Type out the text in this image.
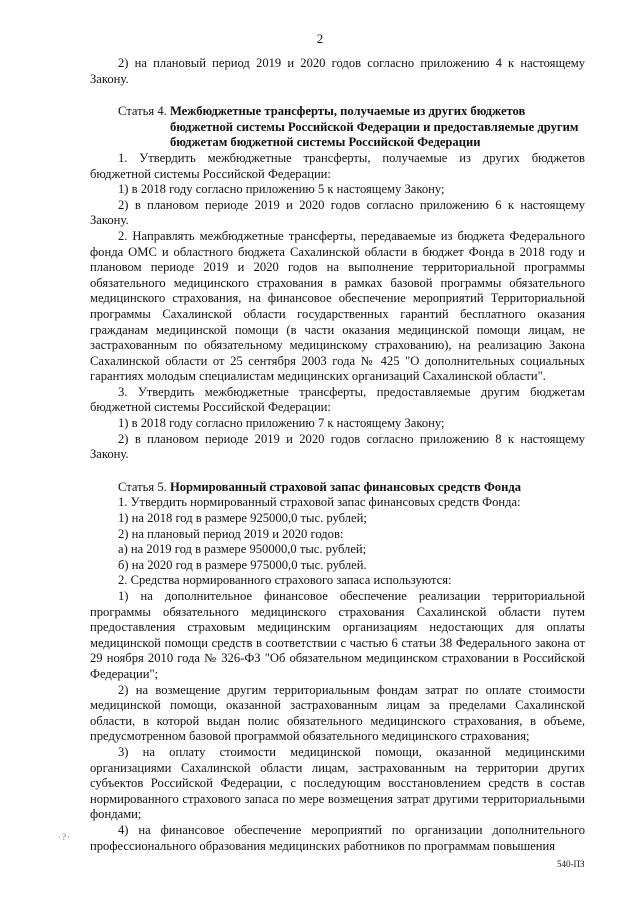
2

2) на плановый период 2019 и 2020 годов согласно приложению 4 к настоящему Закону.

Статья 4. Межбюджетные трансферты, получаемые из других бюджетов бюджетной системы Российской Федерации и предоставляемые другим бюджетам бюджетной системы Российской Федерации

1. Утвердить межбюджетные трансферты, получаемые из других бюджетов бюджетной системы Российской Федерации:

1) в 2018 году согласно приложению 5 к настоящему Закону;

2) в плановом периоде 2019 и 2020 годов согласно приложению 6 к настоящему Закону.

2. Направлять межбюджетные трансферты, передаваемые из бюджета Федерального фонда ОМС и областного бюджета Сахалинской области в бюджет Фонда в 2018 году и плановом периоде 2019 и 2020 годов на выполнение территориальной программы обязательного медицинского страхования в рамках базовой программы обязательного медицинского страхования, на финансовое обеспечение мероприятий Территориальной программы Сахалинской области государственных гарантий бесплатного оказания гражданам медицинской помощи (в части оказания медицинской помощи лицам, не застрахованным по обязательному медицинскому страхованию), на реализацию Закона Сахалинской области от 25 сентября 2003 года № 425 "О дополнительных социальных гарантиях молодым специалистам медицинских организаций Сахалинской области".

3. Утвердить межбюджетные трансферты, предоставляемые другим бюджетам бюджетной системы Российской Федерации:

1) в 2018 году согласно приложению 7 к настоящему Закону;

2) в плановом периоде 2019 и 2020 годов согласно приложению 8 к настоящему Закону.

Статья 5. Нормированный страховой запас финансовых средств Фонда

1. Утвердить нормированный страховой запас финансовых средств Фонда:

1) на 2018 год в размере 925000,0 тыс. рублей;

2) на плановый период 2019 и 2020 годов:

а) на 2019 год в размере 950000,0 тыс. рублей;

б) на 2020 год в размере 975000,0 тыс. рублей.

2. Средства нормированного страхового запаса используются:

1) на дополнительное финансовое обеспечение реализации территориальной программы обязательного медицинского страхования Сахалинской области путем предоставления страховым медицинским организациям недостающих для оплаты медицинской помощи средств в соответствии с частью 6 статьи 38 Федерального закона от 29 ноября 2010 года № 326-ФЗ "Об обязательном медицинском страховании в Российской Федерации";

2) на возмещение другим территориальным фондам затрат по оплате стоимости медицинской помощи, оказанной застрахованным лицам за пределами Сахалинской области, в которой выдан полис обязательного медицинского страхования, в объеме, предусмотренном базовой программой обязательного медицинского страхования;

3) на оплату стоимости медицинской помощи, оказанной медицинскими организациями Сахалинской области лицам, застрахованным на территории других субъектов Российской Федерации, с последующим восстановлением средств в состав нормированного страхового запаса по мере возмещения затрат другими территориальными фондами;

4) на финансовое обеспечение мероприятий по организации дополнительного профессионального образования медицинских работников по программам повышения

·?·
540-ПЗ
